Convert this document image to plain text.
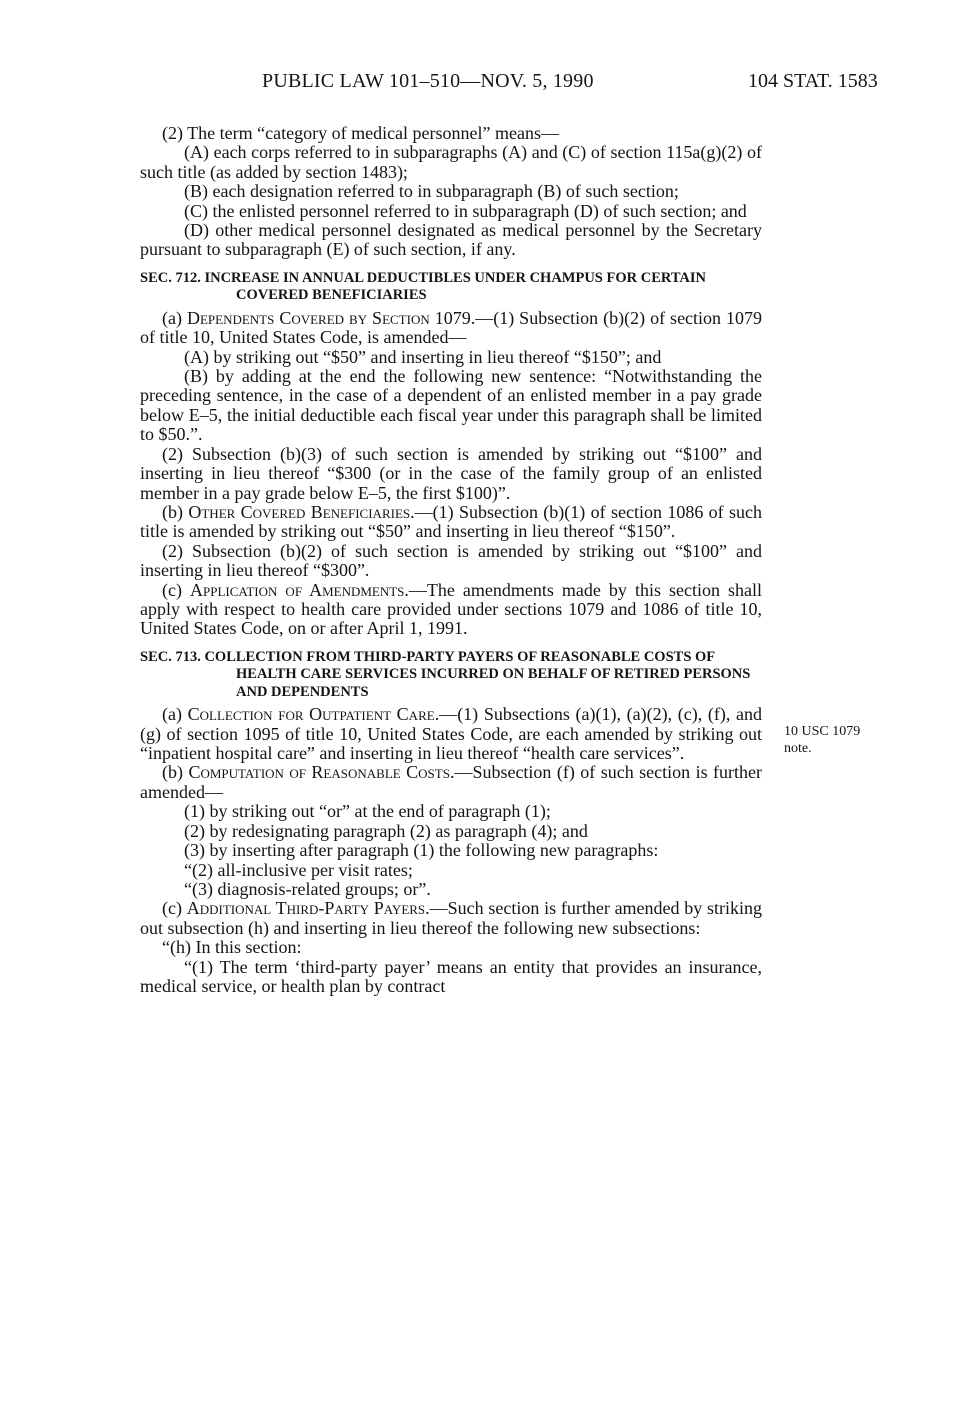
PUBLIC LAW 101–510—NOV. 5, 1990	104 STAT. 1583

(2) The term “category of medical personnel” means—

(A) each corps referred to in subparagraphs (A) and (C) of section 115a(g)(2) of such title (as added by section 1483);

(B) each designation referred to in subparagraph (B) of such section;

(C) the enlisted personnel referred to in subparagraph (D) of such section; and

(D) other medical personnel designated as medical personnel by the Secretary pursuant to subparagraph (E) of such section, if any.

SEC. 712. INCREASE IN ANNUAL DEDUCTIBLES UNDER CHAMPUS FOR CERTAIN COVERED BENEFICIARIES

(a) Dependents Covered by Section 1079.—(1) Subsection (b)(2) of section 1079 of title 10, United States Code, is amended—

(A) by striking out “$50” and inserting in lieu thereof “$150”; and

(B) by adding at the end the following new sentence: “Notwithstanding the preceding sentence, in the case of a dependent of an enlisted member in a pay grade below E–5, the initial deductible each fiscal year under this paragraph shall be limited to $50.”.

(2) Subsection (b)(3) of such section is amended by striking out “$100” and inserting in lieu thereof “$300 (or in the case of the family group of an enlisted member in a pay grade below E–5, the first $100)”.

(b) Other Covered Beneficiaries.—(1) Subsection (b)(1) of section 1086 of such title is amended by striking out “$50” and inserting in lieu thereof “$150”.

(2) Subsection (b)(2) of such section is amended by striking out “$100” and inserting in lieu thereof “$300”.

(c) Application of Amendments.—The amendments made by this section shall apply with respect to health care provided under sections 1079 and 1086 of title 10, United States Code, on or after April 1, 1991.

SEC. 713. COLLECTION FROM THIRD-PARTY PAYERS OF REASONABLE COSTS OF HEALTH CARE SERVICES INCURRED ON BEHALF OF RETIRED PERSONS AND DEPENDENTS

(a) Collection for Outpatient Care.—(1) Subsections (a)(1), (a)(2), (c), (f), and (g) of section 1095 of title 10, United States Code, are each amended by striking out “inpatient hospital care” and inserting in lieu thereof “health care services”.

(b) Computation of Reasonable Costs.—Subsection (f) of such section is further amended—

(1) by striking out “or” at the end of paragraph (1);

(2) by redesignating paragraph (2) as paragraph (4); and

(3) by inserting after paragraph (1) the following new paragraphs:

“(2) all-inclusive per visit rates;

“(3) diagnosis-related groups; or”.

(c) Additional Third-Party Payers.—Such section is further amended by striking out subsection (h) and inserting in lieu thereof the following new subsections:

“(h) In this section:

“(1) The term ‘third-party payer’ means an entity that provides an insurance, medical service, or health plan by contract

10 USC 1079
note.
